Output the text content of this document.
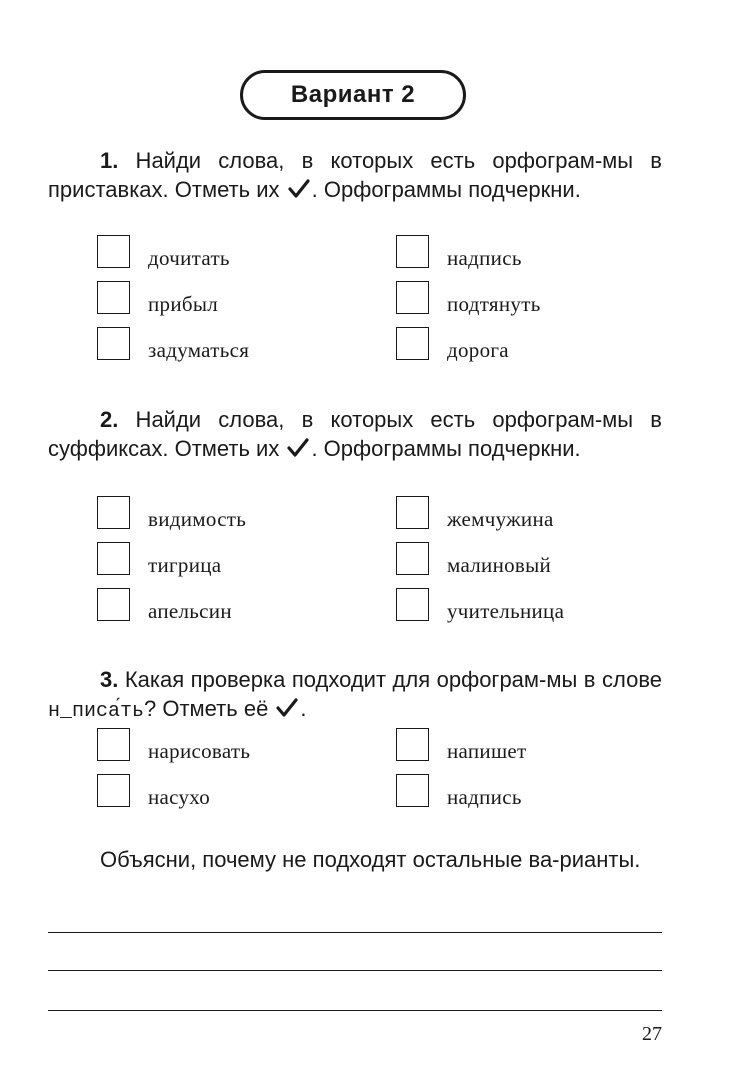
Вариант 2
1. Найди слова, в которых есть орфограм-мы в приставках. Отметь их . Орфограммы подчеркни.
дочитать	надпись
прибыл	подтянуть
задуматься	дорога
2. Найди слова, в которых есть орфограм-мы в суффиксах. Отметь их . Орфограммы подчеркни.
видимость	жемчужина
тигрица	малиновый
апельсин	учительница
3. Какая проверка подходит для орфограм-мы в слове н_писа́ть? Отметь её .
нарисовать	напишет
насухо	надпись
Объясни, почему не подходят остальные ва-рианты.
27
